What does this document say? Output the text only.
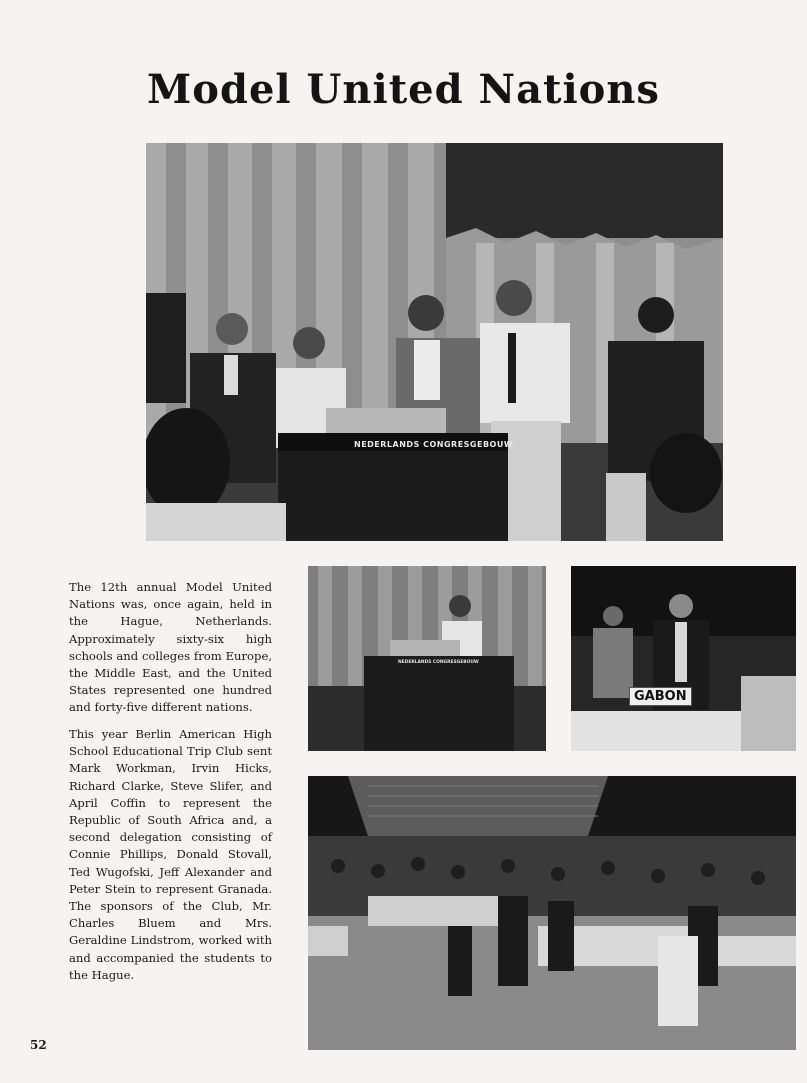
Model United Nations
NEDERLANDS CONGRESGEBOUW
NEDERLANDS CONGRESGEBOUW
GABON

The 12th annual Model United Nations was, once again, held in the Hague, Netherlands. Approximately sixty-six high schools and colleges from Europe, the Middle East, and the United States represented one hundred and forty-five different nations.

This year Berlin American High School Educational Trip Club sent Mark Workman, Irvin Hicks, Richard Clarke, Steve Slifer, and April Coffin to represent the Republic of South Africa and, a second delegation consisting of Connie Phillips, Donald Stovall, Ted Wugofski, Jeff Alexander and Peter Stein to represent Granada. The sponsors of the Club, Mr. Charles Bluem and Mrs. Geraldine Lindstrom, worked with and accompanied the students to the Hague.

52
